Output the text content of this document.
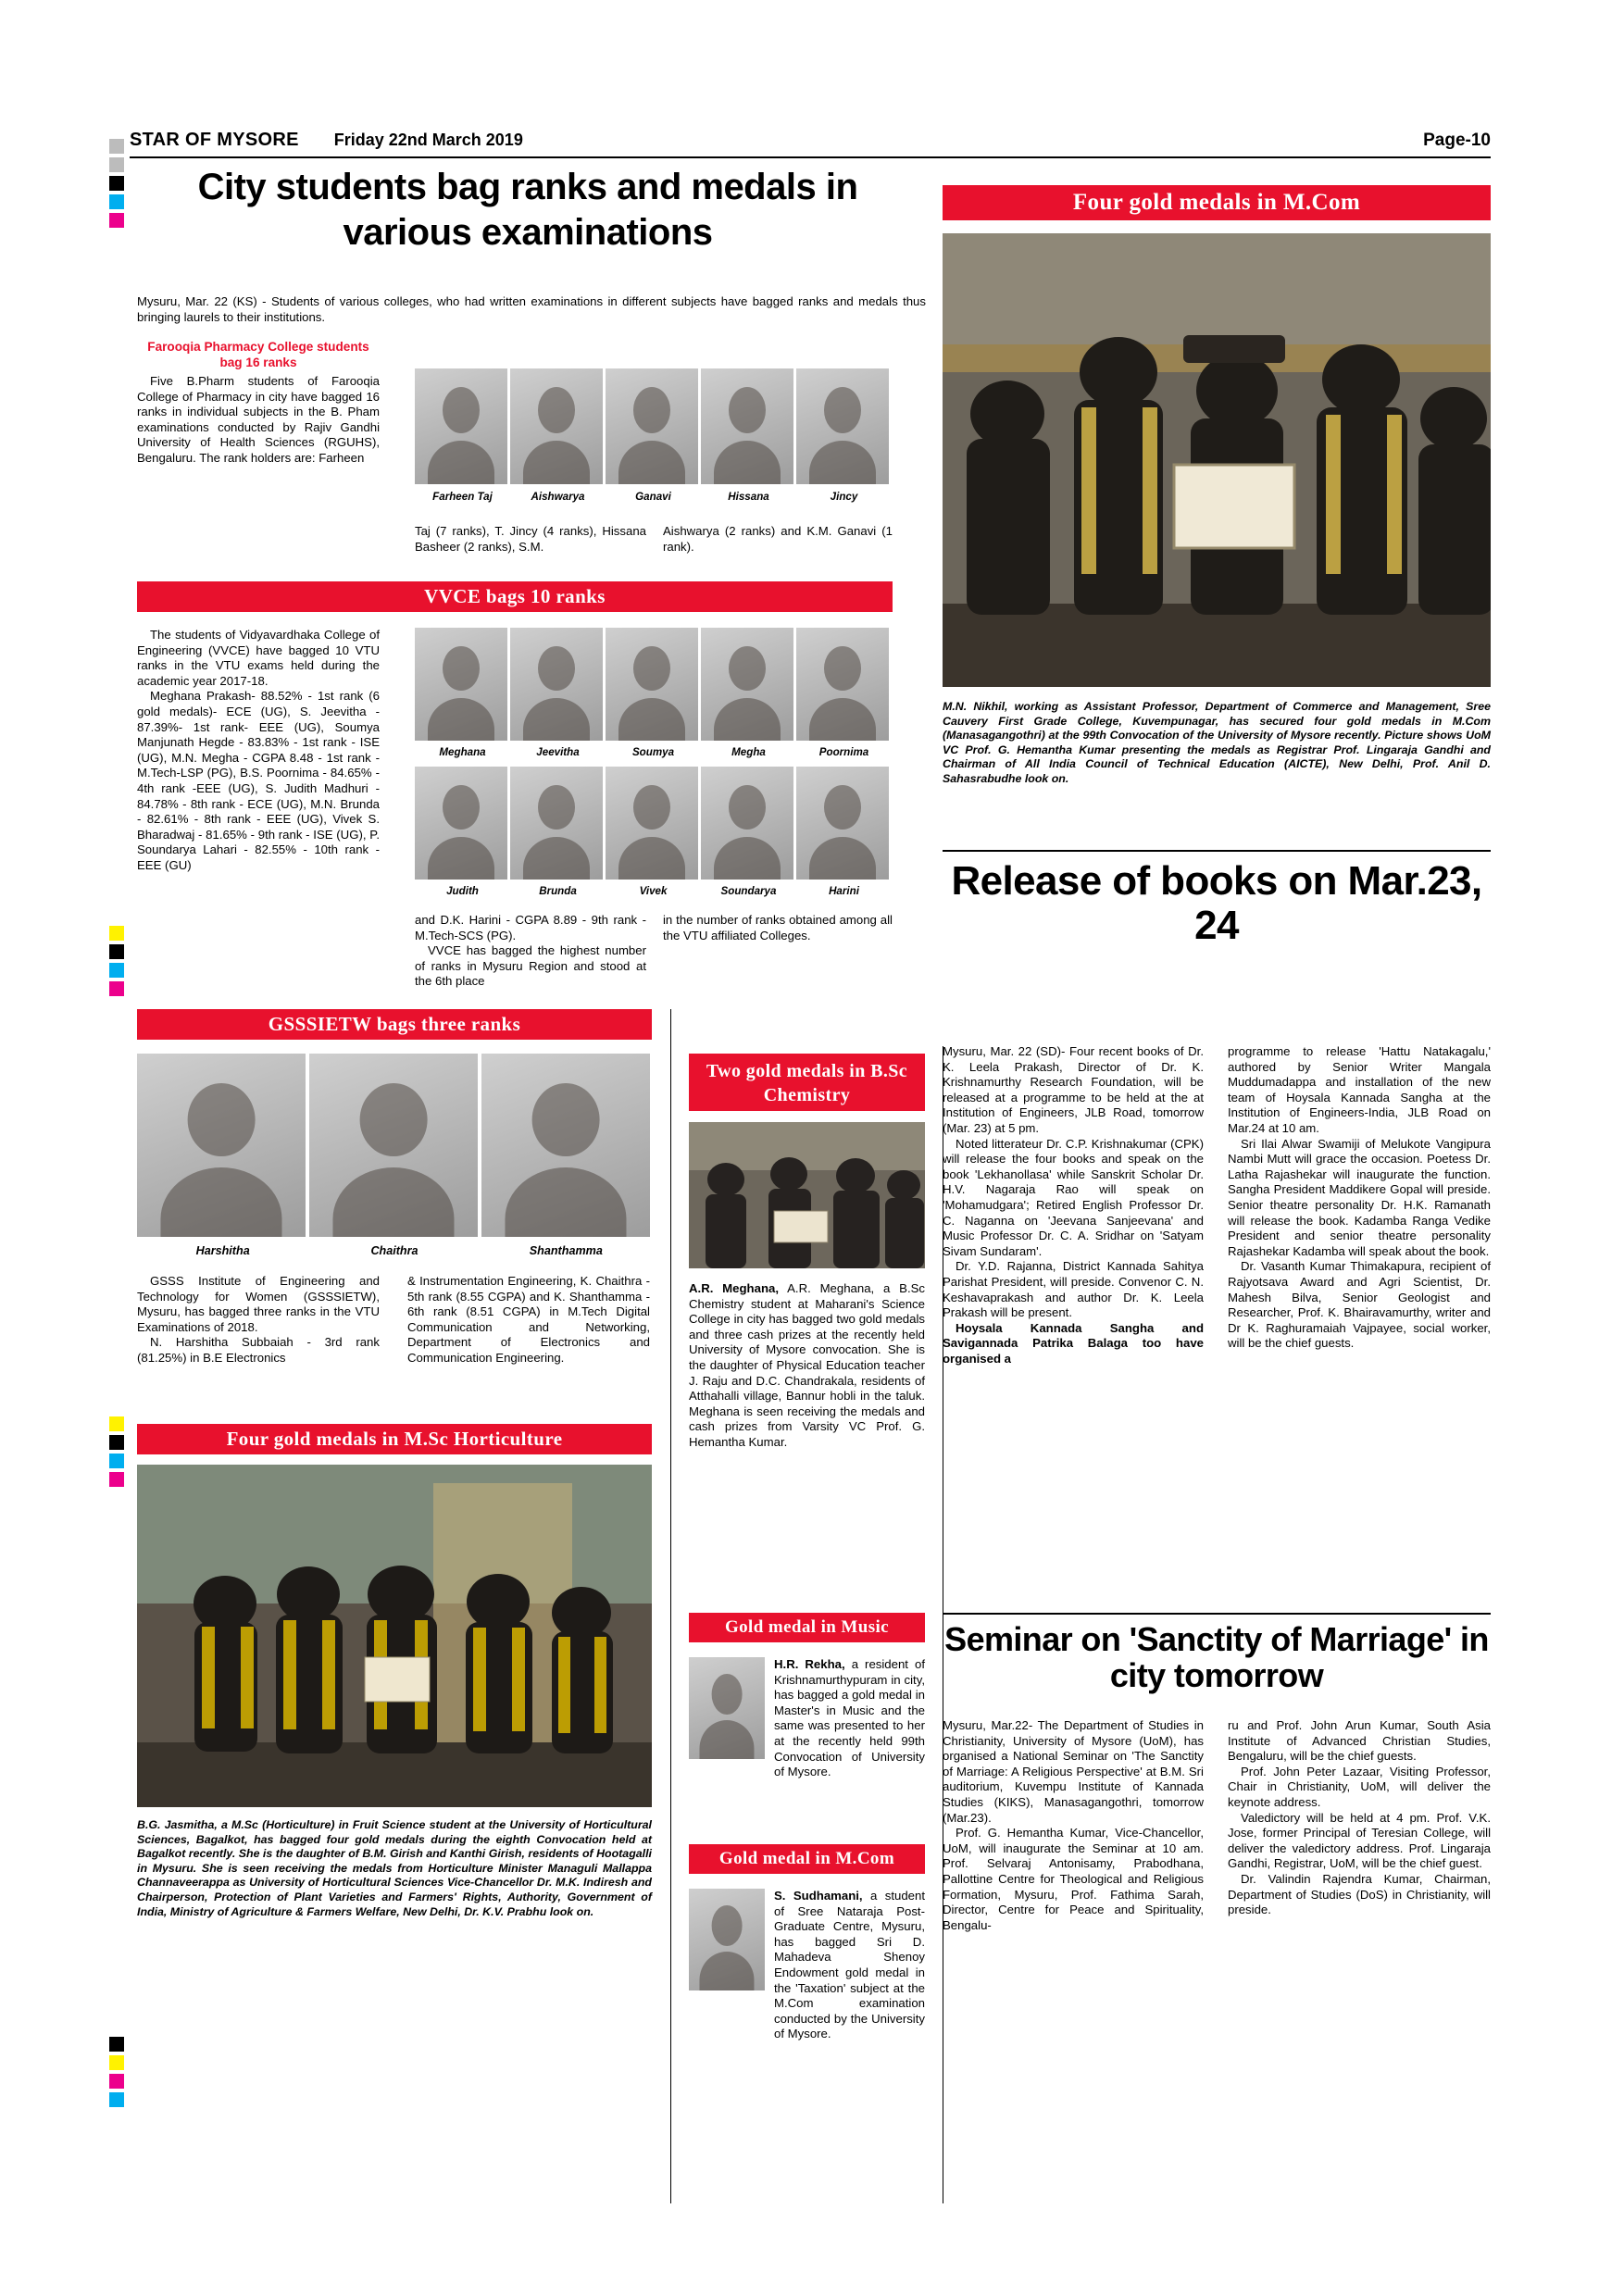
STAR OF MYSORE Friday 22nd March 2019	Page-10
City students bag ranks and medals in various examinations

Mysuru, Mar. 22 (KS) - Students of various colleges, who had written examinations in different subjects have bagged ranks and medals thus bringing laurels to their institutions.

Farooqia Pharmacy College students bag 16 ranks

Five B.Pharm students of Farooqia College of Pharmacy in city have bagged 16 ranks in individual subjects in the B. Pham examinations conducted by Rajiv Gandhi University of Health Sciences (RGUHS), Bengaluru. The rank holders are: Farheen

Farheen Taj	Aishwarya	Ganavi	Hissana	Jincy

Taj (7 ranks), T. Jincy (4 ranks), Hissana Basheer (2 ranks), S.M.

Aishwarya (2 ranks) and K.M. Ganavi (1 rank).

VVCE bags 10 ranks

The students of Vidyavardhaka College of Engineering (VVCE) have bagged 10 VTU ranks in the VTU exams held during the academic year 2017-18.

Meghana Prakash- 88.52% - 1st rank (6 gold medals)- ECE (UG), S. Jeevitha - 87.39%- 1st rank- EEE (UG), Soumya Manjunath Hegde - 83.83% - 1st rank - ISE (UG), M.N. Megha - CGPA 8.48 - 1st rank - M.Tech-LSP (PG), B.S. Poornima - 84.65% - 4th rank -EEE (UG), S. Judith Madhuri - 84.78% - 8th rank - ECE (UG), M.N. Brunda - 82.61% - 8th rank - EEE (UG), Vivek S. Bharadwaj - 81.65% - 9th rank - ISE (UG), P. Soundarya Lahari - 82.55% - 10th rank - EEE (GU)

Meghana	Jeevitha	Soumya	Megha	Poornima
Judith	Brunda	Vivek	Soundarya	Harini

and D.K. Harini - CGPA 8.89 - 9th rank - M.Tech-SCS (PG).

VVCE has bagged the highest number of ranks in Mysuru Region and stood at the 6th place

in the number of ranks obtained among all the VTU affiliated Colleges.

GSSSIETW bags three ranks
Harshitha	Chaithra	Shanthamma

GSSS Institute of Engineering and Technology for Women (GSSSIETW), Mysuru, has bagged three ranks in the VTU Examinations of 2018.

N. Harshitha Subbaiah - 3rd rank (81.25%) in B.E Electronics

& Instrumentation Engineering, K. Chaithra - 5th rank (8.55 CGPA) and K. Shanthamma - 6th rank (8.51 CGPA) in M.Tech Digital Communication and Networking, Department of Electronics and Communication Engineering.

Four gold medals in M.Sc Horticulture
B.G. Jasmitha, a M.Sc (Horticulture) in Fruit Science student at the University of Horticultural Sciences, Bagalkot, has bagged four gold medals during the eighth Convocation held at Bagalkot recently. She is the daughter of B.M. Girish and Kanthi Girish, residents of Hootagalli in Mysuru. She is seen receiving the medals from Horticulture Minister Managuli Mallappa Channaveerappa as University of Horticultural Sciences Vice-Chancellor Dr. M.K. Indiresh and Chairperson, Protection of Plant Varieties and Farmers' Rights, Authority, Government of India, Ministry of Agriculture & Farmers Welfare, New Delhi, Dr. K.V. Prabhu look on.
Two gold medals in B.Sc Chemistry

A.R. Meghana, A.R. Meghana, a B.Sc Chemistry student at Maharani's Science College in city has bagged two gold medals and three cash prizes at the recently held University of Mysore convocation. She is the daughter of Physical Education teacher J. Raju and D.C. Chandrakala, residents of Atthahalli village, Bannur hobli in the taluk. Meghana is seen receiving the medals and cash prizes from Varsity VC Prof. G. Hemantha Kumar.

Gold medal in Music

H.R. Rekha, a resident of Krishnamurthypuram in city, has bagged a gold medal in Master's in Music and the same was presented to her at the recently held 99th Convocation of University of Mysore.

Gold medal in M.Com

S. Sudhamani, a student of Sree Nataraja Post-Graduate Centre, Mysuru, has bagged Sri D. Mahadeva Shenoy Endowment gold medal in the 'Taxation' subject at the M.Com examination conducted by the University of Mysore.

Four gold medals in M.Com
M.N. Nikhil, working as Assistant Professor, Department of Commerce and Management, Sree Cauvery First Grade College, Kuvempunagar, has secured four gold medals in M.Com (Manasagangothri) at the 99th Convocation of the University of Mysore recently. Picture shows UoM VC Prof. G. Hemantha Kumar presenting the medals as Registrar Prof. Lingaraja Gandhi and Chairman of All India Council of Technical Education (AICTE), New Delhi, Prof. Anil D. Sahasrabudhe look on.
Release of books on Mar.23, 24

Mysuru, Mar. 22 (SD)- Four recent books of Dr. K. Leela Prakash, Director of Dr. K. Krishnamurthy Research Foundation, will be released at a programme to be held at the at Institution of Engineers, JLB Road, tomorrow (Mar. 23) at 5 pm.

Noted litterateur Dr. C.P. Krishnakumar (CPK) will release the four books and speak on the book 'Lekhanollasa' while Sanskrit Scholar Dr. H.V. Nagaraja Rao will speak on 'Mohamudgara'; Retired English Professor Dr. C. Naganna on 'Jeevana Sanjeevana' and Music Professor Dr. C. A. Sridhar on 'Satyam Sivam Sundaram'.

Dr. Y.D. Rajanna, District Kannada Sahitya Parishat President, will preside. Convenor C. N. Keshavaprakash and author Dr. K. Leela Prakash will be present.

Hoysala Kannada Sangha and Savigannada Patrika Balaga too have organised a

programme to release 'Hattu Natakagalu,' authored by Senior Writer Mangala Muddumadappa and installation of the new team of Hoysala Kannada Sangha at the Institution of Engineers-India, JLB Road on Mar.24 at 10 am.

Sri Ilai Alwar Swamiji of Melukote Vangipura Nambi Mutt will grace the occasion. Poetess Dr. Latha Rajashekar will inaugurate the function. Sangha President Maddikere Gopal will preside. Senior theatre personality Dr. H.K. Ramanath will release the book. Kadamba Ranga Vedike President and senior theatre personality Rajashekar Kadamba will speak about the book.

Dr. Vasanth Kumar Thimakapura, recipient of Rajyotsava Award and Agri Scientist, Dr. Mahesh Bilva, Senior Geologist and Researcher, Prof. K. Bhairavamurthy, writer and Dr K. Raghuramaiah Vajpayee, social worker, will be the chief guests.

Seminar on 'Sanctity of Marriage' in city tomorrow

Mysuru, Mar.22- The Department of Studies in Christianity, University of Mysore (UoM), has organised a National Seminar on 'The Sanctity of Marriage: A Religious Perspective' at B.M. Sri auditorium, Kuvempu Institute of Kannada Studies (KIKS), Manasagangothri, tomorrow (Mar.23).

Prof. G. Hemantha Kumar, Vice-Chancellor, UoM, will inaugurate the Seminar at 10 am. Prof. Selvaraj Antonisamy, Prabodhana, Pallottine Centre for Theological and Religious Formation, Mysuru, Prof. Fathima Sarah, Director, Centre for Peace and Spirituality, Bengalu-

ru and Prof. John Arun Kumar, South Asia Institute of Advanced Christian Studies, Bengaluru, will be the chief guests.

Prof. John Peter Lazaar, Visiting Professor, Chair in Christianity, UoM, will deliver the keynote address.

Valedictory will be held at 4 pm. Prof. V.K. Jose, former Principal of Teresian College, will deliver the valedictory address. Prof. Lingaraja Gandhi, Registrar, UoM, will be the chief guest.

Dr. Valindin Rajendra Kumar, Chairman, Department of Studies (DoS) in Christianity, will preside.
